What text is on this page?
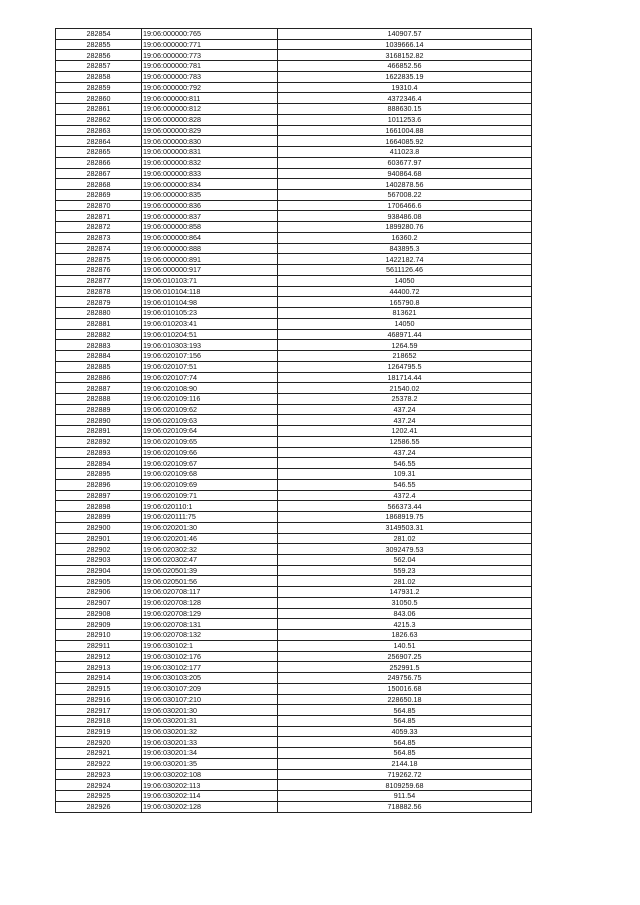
282854	19:06:000000:765	140907.57
282855	19:06:000000:771	1039666.14
282856	19:06:000000:773	3168152.82
282857	19:06:000000:781	466852.56
282858	19:06:000000:783	1622835.19
282859	19:06:000000:792	19310.4
282860	19:06:000000:811	4372346.4
282861	19:06:000000:812	888630.15
282862	19:06:000000:828	1011253.6
282863	19:06:000000:829	1661004.88
282864	19:06:000000:830	1664085.92
282865	19:06:000000:831	411023.8
282866	19:06:000000:832	603677.97
282867	19:06:000000:833	940864.68
282868	19:06:000000:834	1402878.56
282869	19:06:000000:835	567008.22
282870	19:06:000000:836	1706466.6
282871	19:06:000000:837	938486.08
282872	19:06:000000:858	1899280.76
282873	19:06:000000:864	16360.2
282874	19:06:000000:888	843895.3
282875	19:06:000000:891	1422182.74
282876	19:06:000000:917	5611126.46
282877	19:06:010103:71	14050
282878	19:06:010104:118	44400.72
282879	19:06:010104:98	165790.8
282880	19:06:010105:23	813621
282881	19:06:010203:41	14050
282882	19:06:010204:51	468971.44
282883	19:06:010303:193	1264.59
282884	19:06:020107:156	218652
282885	19:06:020107:51	1264795.5
282886	19:06:020107:74	181714.44
282887	19:06:020108:90	21540.02
282888	19:06:020109:116	25378.2
282889	19:06:020109:62	437.24
282890	19:06:020109:63	437.24
282891	19:06:020109:64	1202.41
282892	19:06:020109:65	12586.55
282893	19:06:020109:66	437.24
282894	19:06:020109:67	546.55
282895	19:06:020109:68	109.31
282896	19:06:020109:69	546.55
282897	19:06:020109:71	4372.4
282898	19:06:020110:1	566373.44
282899	19:06:020111:75	1868919.75
282900	19:06:020201:30	3149503.31
282901	19:06:020201:46	281.02
282902	19:06:020302:32	3092479.53
282903	19:06:020302:47	562.04
282904	19:06:020501:39	559.23
282905	19:06:020501:56	281.02
282906	19:06:020708:117	147931.2
282907	19:06:020708:128	31050.5
282908	19:06:020708:129	843.06
282909	19:06:020708:131	4215.3
282910	19:06:020708:132	1826.63
282911	19:06:030102:1	140.51
282912	19:06:030102:176	256907.25
282913	19:06:030102:177	252991.5
282914	19:06:030103:205	249756.75
282915	19:06:030107:209	150016.68
282916	19:06:030107:210	228650.18
282917	19:06:030201:30	564.85
282918	19:06:030201:31	564.85
282919	19:06:030201:32	4059.33
282920	19:06:030201:33	564.85
282921	19:06:030201:34	564.85
282922	19:06:030201:35	2144.18
282923	19:06:030202:108	719262.72
282924	19:06:030202:113	8109259.68
282925	19:06:030202:114	911.54
282926	19:06:030202:128	718882.56
